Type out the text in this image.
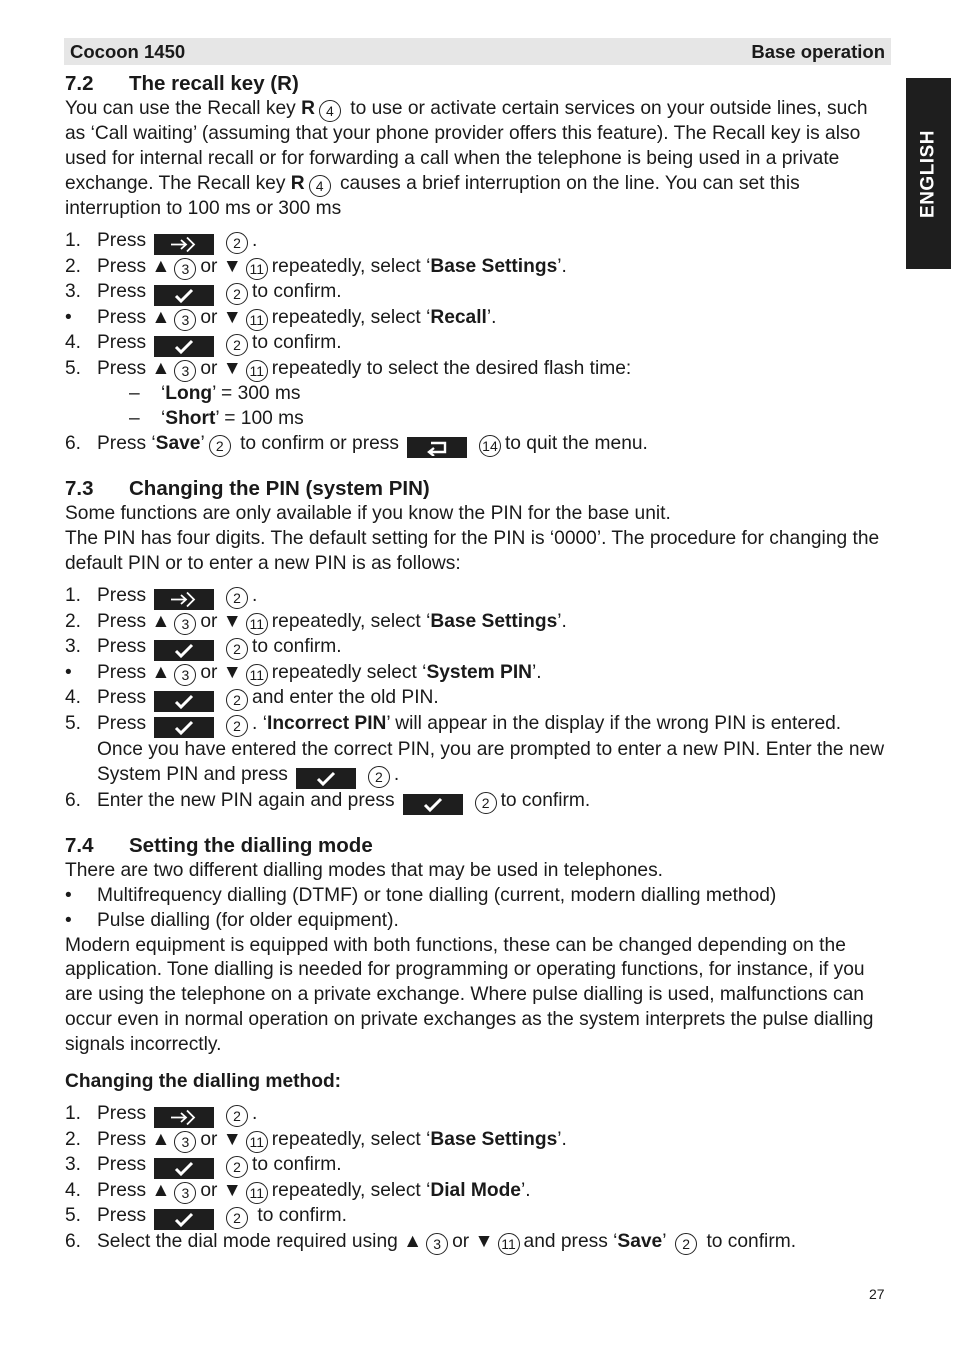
Cocoon 1450	Base operation
ENGLISH
7.2 The recall key (R)

You can use the Recall key R 4 to use or activate certain services on your outside lines, such as ‘Call waiting’ (assuming that your phone provider offers this feature). The Recall key is also used for internal recall or for forwarding a call when the telephone is being used in a private exchange. The Recall key R 4 causes a brief interruption on the line. You can set this interruption to 100 ms or 300 ms

1. Press	2 .
2. Press ▲ 3 or ▼ 11 repeatedly, select ‘Base Settings’.
3. Press	2 to confirm.
• Press ▲ 3 or ▼ 11 repeatedly, select ‘Recall’.
4. Press	2 to confirm.
5. Press ▲ 3 or ▼ 11 repeatedly to select the desired flash time:
– ‘Long’ = 300 ms
– ‘Short’ = 100 ms
6. Press ‘Save’ 2 to confirm or press	14 to quit the menu.
7.3 Changing the PIN (system PIN)

Some functions are only available if you know the PIN for the base unit.

The PIN has four digits. The default setting for the PIN is ‘0000’. The procedure for changing the default PIN or to enter a new PIN is as follows:

1. Press	2 .
2. Press ▲ 3 or ▼ 11 repeatedly, select ‘Base Settings’.
3. Press	2 to confirm.
• Press ▲ 3 or ▼ 11 repeatedly select ‘System PIN’.
4. Press	2 and enter the old PIN.
5. Press	2 . ‘Incorrect PIN’ will appear in the display if the wrong PIN is entered. Once you have entered the correct PIN, you are prompted to enter a new PIN. Enter the new System PIN and press	2 .
6. Enter the new PIN again and press	2 to confirm.
7.4 Setting the dialling mode

There are two different dialling modes that may be used in telephones.

• Multifrequency dialling (DTMF) or tone dialling (current, modern dialling method)
• Pulse dialling (for older equipment).

Modern equipment is equipped with both functions, these can be changed depending on the application. Tone dialling is needed for programming or operating functions, for instance, if you are using the telephone on a private exchange. Where pulse dialling is used, malfunctions can occur even in normal operation on private exchanges as the system interprets the pulse dialling signals incorrectly.

Changing the dialling method:

1. Press	2 .
2. Press ▲ 3 or ▼ 11 repeatedly, select ‘Base Settings’.
3. Press	2 to confirm.
4. Press ▲ 3 or ▼ 11 repeatedly, select ‘Dial Mode’.
5. Press	2 to confirm.
6. Select the dial mode required using ▲ 3 or ▼ 11 and press ‘Save’ 2 to confirm.
27
